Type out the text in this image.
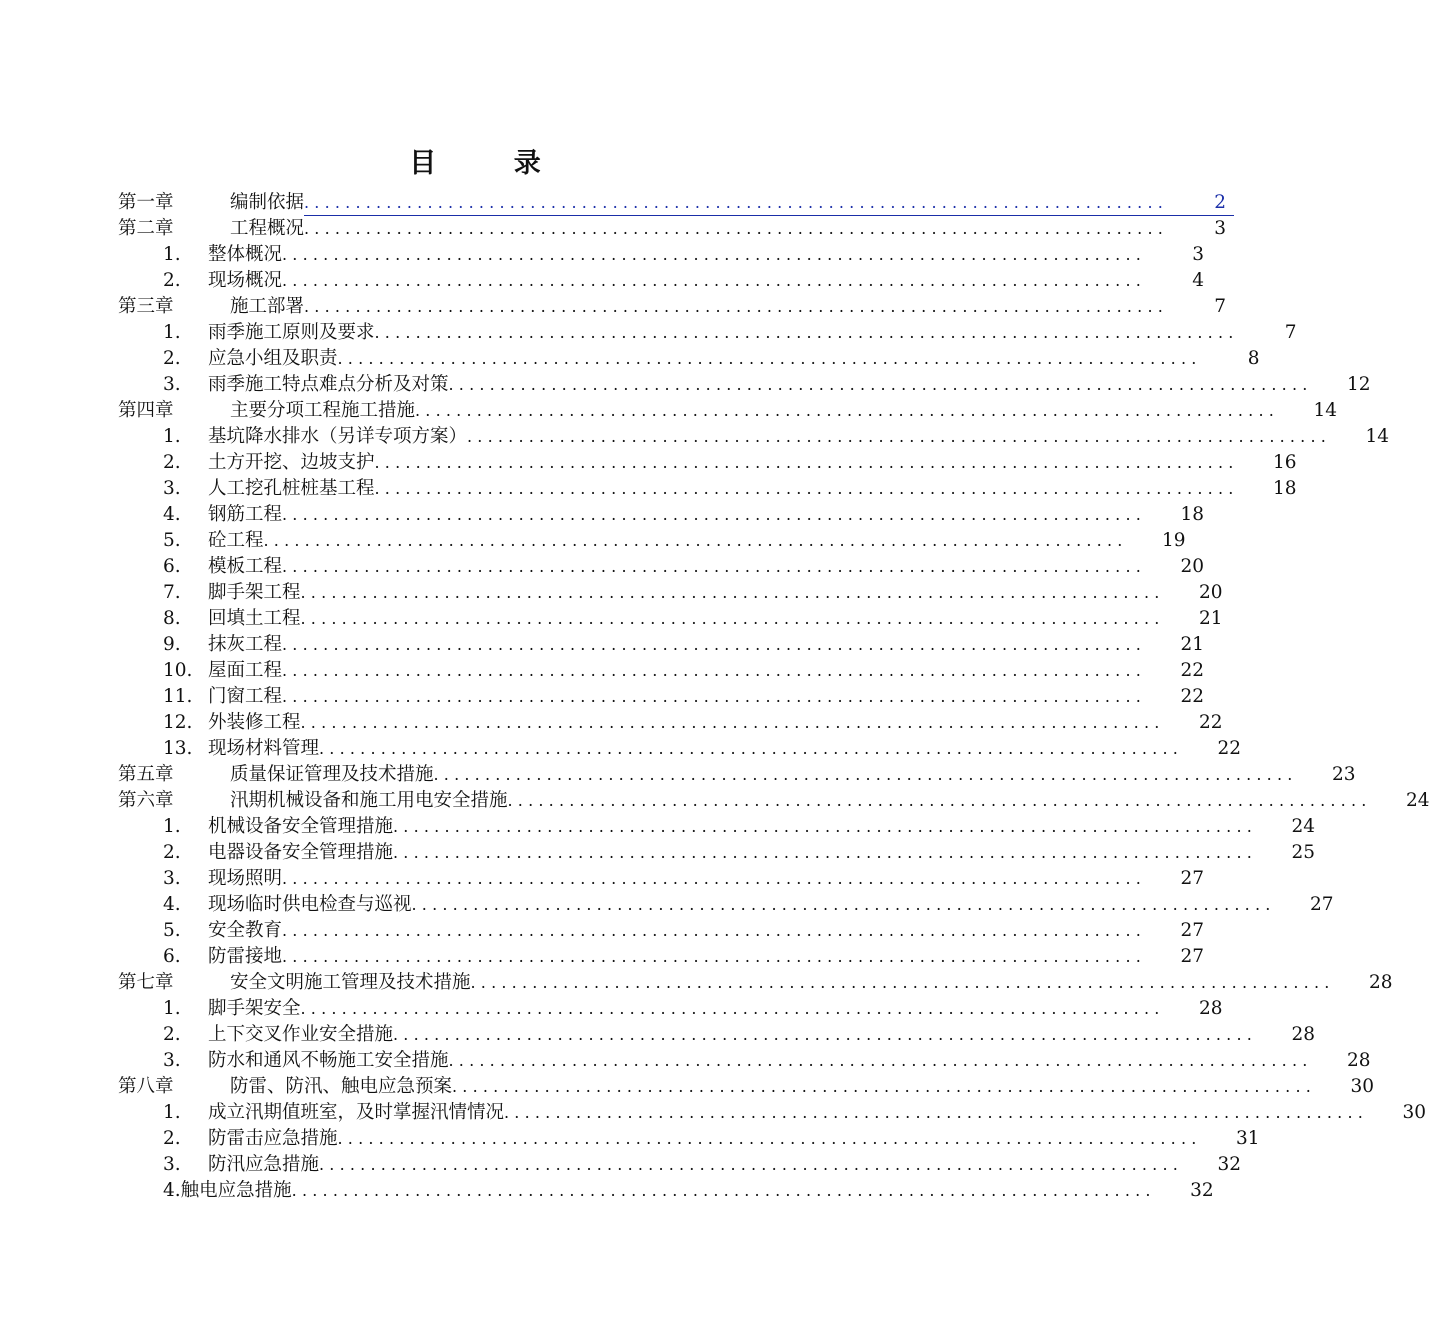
目 录
第一章	编制依据 ....................................................................................	2
第二章	工程概况 ....................................................................................	3
1.	整体概况 ....................................................................................	3
2.	现场概况 ....................................................................................	4
第三章	施工部署 ....................................................................................	7
1.	雨季施工原则及要求 ....................................................................................	7
2.	应急小组及职责 ....................................................................................	8
3.	雨季施工特点难点分析及对策 ....................................................................................	12
第四章	主要分项工程施工措施 ....................................................................................	14
1.	基坑降水排水（另详专项方案） ....................................................................................	14
2.	土方开挖、边坡支护 ....................................................................................	16
3.	人工挖孔桩桩基工程 ....................................................................................	18
4.	钢筋工程 ....................................................................................	18
5.	砼工程 ....................................................................................	19
6.	模板工程 ....................................................................................	20
7.	脚手架工程 ....................................................................................	20
8.	回填土工程 ....................................................................................	21
9.	抹灰工程 ....................................................................................	21
10. 屋面工程 ....................................................................................	22
11. 门窗工程 ....................................................................................	22
12. 外装修工程 ....................................................................................	22
13. 现场材料管理 ....................................................................................	22
第五章	质量保证管理及技术措施 ....................................................................................	23
第六章	汛期机械设备和施工用电安全措施 ....................................................................................	24
1.	机械设备安全管理措施 ....................................................................................	24
2.	电器设备安全管理措施 ....................................................................................	25
3.	现场照明 ....................................................................................	27
4.	现场临时供电检查与巡视 ....................................................................................	27
5.	安全教育 ....................................................................................	27
6.	防雷接地 ....................................................................................	27
第七章	安全文明施工管理及技术措施 ....................................................................................	28
1.	脚手架安全 ....................................................................................	28
2.	上下交叉作业安全措施 ....................................................................................	28
3.	防水和通风不畅施工安全措施 ....................................................................................	28
第八章	防雷、防汛、触电应急预案 ....................................................................................	30
1.	成立汛期值班室，及时掌握汛情情况 ....................................................................................	30
2.	防雷击应急措施 ....................................................................................	31
3.	防汛应急措施 ....................................................................................	32
4. 触电应急措施 ....................................................................................	32
